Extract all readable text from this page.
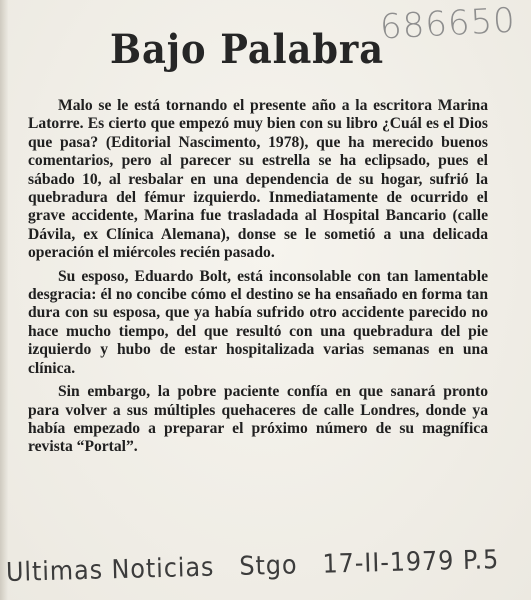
686650
Bajo Palabra

Malo se le está tornando el presente año a la escritora Marina Latorre. Es cierto que empezó muy bien con su libro ¿Cuál es el Dios que pasa? (Editorial Nascimento, 1978), que ha merecido buenos comentarios, pero al parecer su estrella se ha eclipsado, pues el sábado 10, al resbalar en una dependencia de su hogar, sufrió la quebradura del fémur izquierdo. Inmediatamente de ocurrido el grave accidente, Marina fue trasladada al Hospital Bancario (calle Dávila, ex Clínica Alemana), donse se le sometió a una delicada operación el miércoles recién pasado.

Su esposo, Eduardo Bolt, está inconsolable con tan lamentable desgracia: él no concibe cómo el destino se ha ensañado en forma tan dura con su esposa, que ya había sufrido otro accidente parecido no hace mucho tiempo, del que resultó con una quebradura del pie izquierdo y hubo de estar hospitalizada varias semanas en una clínica.

Sin embargo, la pobre paciente confía en que sanará pronto para volver a sus múltiples quehaceres de calle Londres, donde ya había empezado a preparar el próximo número de su magnífica revista “Portal”.

Ultimas Noticias Stgo 17-II-1979 P.5
